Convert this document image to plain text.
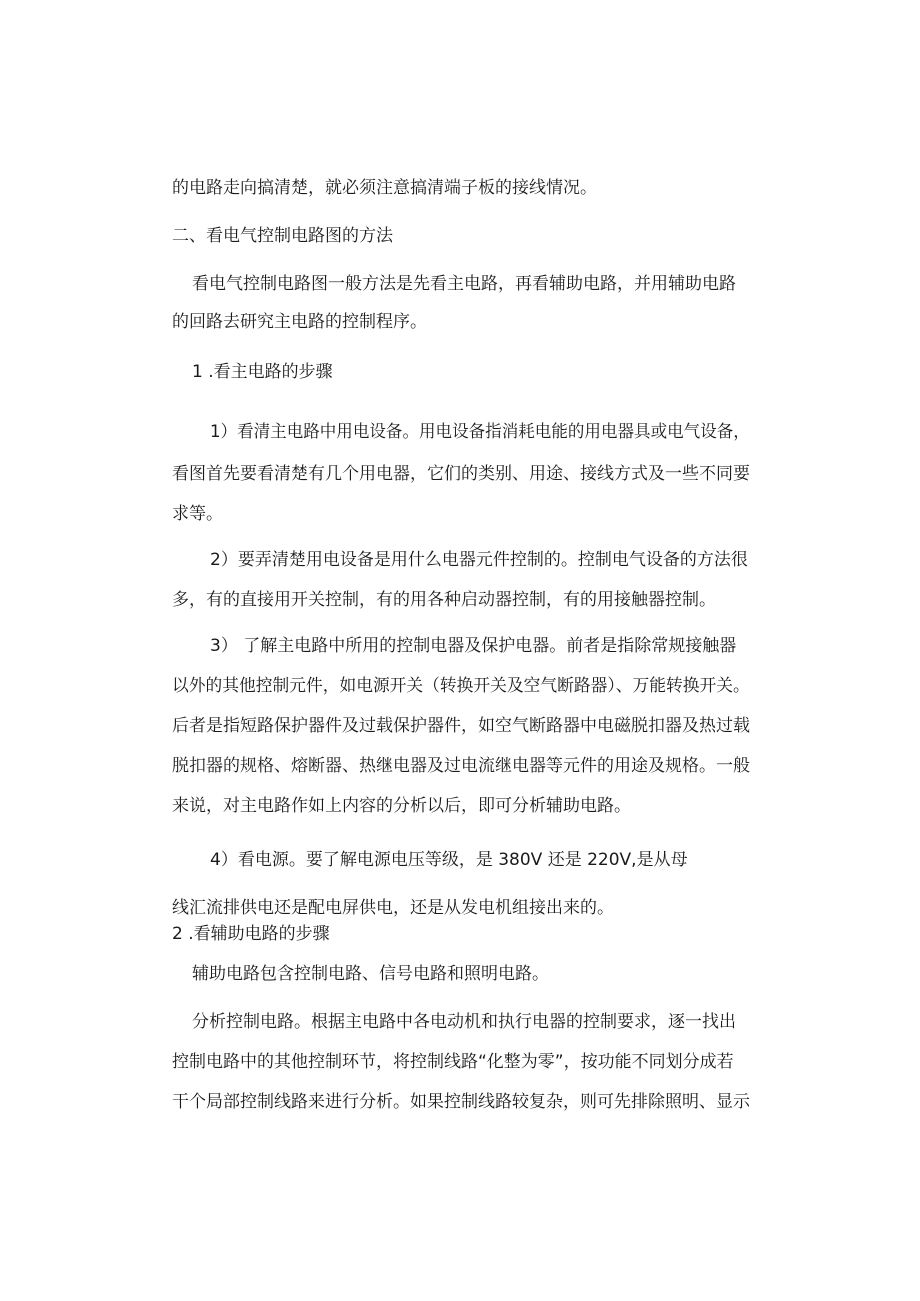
的电路走向搞清楚，就必须注意搞清端子板的接线情况。
二、看电气控制电路图的方法
看电气控制电路图一般方法是先看主电路，再看辅助电路，并用辅助电路
的回路去研究主电路的控制程序。
1 .看主电路的步骤
1）看清主电路中用电设备。用电设备指消耗电能的用电器具或电气设备，
看图首先要看清楚有几个用电器，它们的类别、用途、接线方式及一些不同要
求等。
2）要弄清楚用电设备是用什么电器元件控制的。控制电气设备的方法很
多，有的直接用开关控制，有的用各种启动器控制，有的用接触器控制。
3） 了解主电路中所用的控制电器及保护电器。前者是指除常规接触器
以外的其他控制元件，如电源开关（转换开关及空气断路器）、万能转换开关。
后者是指短路保护器件及过载保护器件，如空气断路器中电磁脱扣器及热过载
脱扣器的规格、熔断器、热继电器及过电流继电器等元件的用途及规格。一般
来说，对主电路作如上内容的分析以后，即可分析辅助电路。
4）看电源。要了解电源电压等级，是 380V 还是 220V,是从母
线汇流排供电还是配电屏供电，还是从发电机组接出来的。
2 .看辅助电路的步骤
辅助电路包含控制电路、信号电路和照明电路。
分析控制电路。根据主电路中各电动机和执行电器的控制要求，逐一找出
控制电路中的其他控制环节，将控制线路“化整为零”，按功能不同划分成若
干个局部控制线路来进行分析。如果控制线路较复杂，则可先排除照明、显示
